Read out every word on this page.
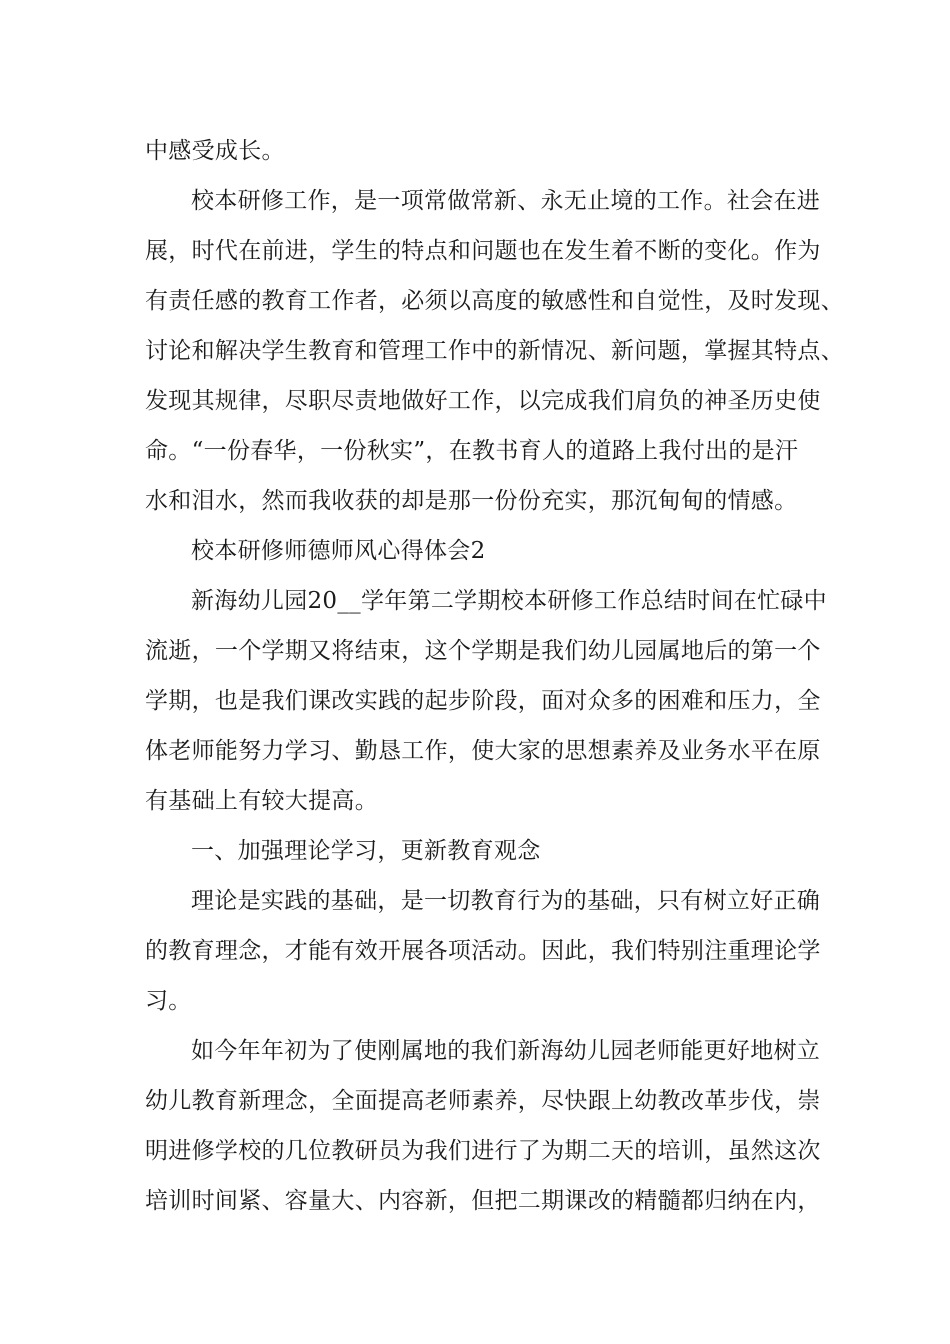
中感受成长。
校本研修工作，是一项常做常新、永无止境的工作。社会在进
展，时代在前进，学生的特点和问题也在发生着不断的变化。作为
有责任感的教育工作者，必须以高度的敏感性和自觉性，及时发现、
讨论和解决学生教育和管理工作中的新情况、新问题，掌握其特点、
发现其规律，尽职尽责地做好工作，以完成我们肩负的神圣历史使
命。“一份春华，一份秋实”，在教书育人的道路上我付出的是汗
水和泪水，然而我收获的却是那一份份充实，那沉甸甸的情感。
校本研修师德师风心得体会2
新海幼儿园20__学年第二学期校本研修工作总结时间在忙碌中
流逝，一个学期又将结束，这个学期是我们幼儿园属地后的第一个
学期，也是我们课改实践的起步阶段，面对众多的困难和压力，全
体老师能努力学习、勤恳工作，使大家的思想素养及业务水平在原
有基础上有较大提高。
一、加强理论学习，更新教育观念
理论是实践的基础，是一切教育行为的基础，只有树立好正确
的教育理念，才能有效开展各项活动。因此，我们特别注重理论学
习。
如今年年初为了使刚属地的我们新海幼儿园老师能更好地树立
幼儿教育新理念，全面提高老师素养，尽快跟上幼教改革步伐，崇
明进修学校的几位教研员为我们进行了为期二天的培训，虽然这次
培训时间紧、容量大、内容新，但把二期课改的精髓都归纳在内，
